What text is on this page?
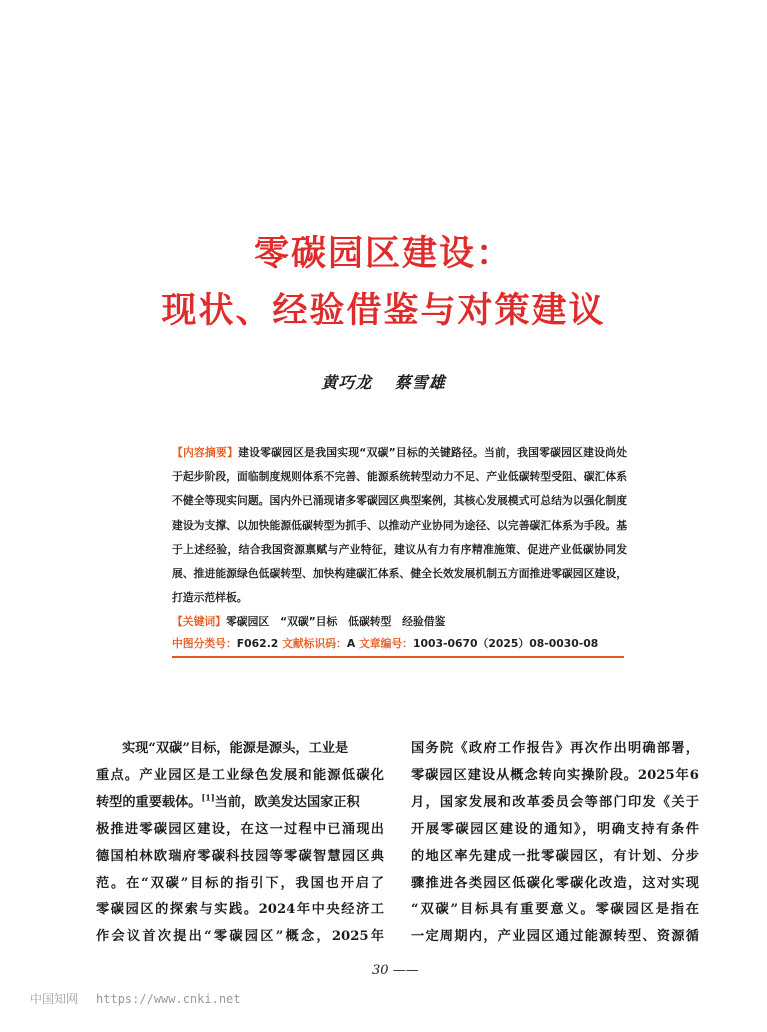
零碳园区建设：
现状、经验借鉴与对策建议
黄巧龙 蔡雪雄
【内容摘要】建设零碳园区是我国实现“双碳”目标的关键路径。当前，我国零碳园区建设尚处于起步阶段，面临制度规则体系不完善、能源系统转型动力不足、产业低碳转型受阻、碳汇体系不健全等现实问题。国内外已涌现诸多零碳园区典型案例，其核心发展模式可总结为以强化制度建设为支撑、以加快能源低碳转型为抓手、以推动产业协同为途径、以完善碳汇体系为手段。基于上述经验，结合我国资源禀赋与产业特征，建议从有力有序精准施策、促进产业低碳协同发展、推进能源绿色低碳转型、加快构建碳汇体系、健全长效发展机制五方面推进零碳园区建设，打造示范样板。
【关键词】零碳园区　“双碳”目标　低碳转型　经验借鉴
中图分类号：F062.2 文献标识码：A 文章编号：1003-0670（2025）08-0030-08
实现“双碳”目标，能源是源头，工业是
重点。产业园区是工业绿色发展和能源低碳化
转型的重要载体。[1]当前，欧美发达国家正积
极推进零碳园区建设，在这一过程中已涌现出
德国柏林欧瑞府零碳科技园等零碳智慧园区典
范。在“双碳”目标的指引下，我国也开启了
零碳园区的探索与实践。2024年中央经济工
作会议首次提出“零碳园区”概念，2025年
国务院《政府工作报告》再次作出明确部署，
零碳园区建设从概念转向实操阶段。2025年6
月，国家发展和改革委员会等部门印发《关于
开展零碳园区建设的通知》，明确支持有条件
的地区率先建成一批零碳园区，有计划、分步
骤推进各类园区低碳化零碳化改造，这对实现
“双碳”目标具有重要意义。零碳园区是指在
一定周期内，产业园区通过能源转型、资源循
30 ——
中国知网 https://www.cnki.net
